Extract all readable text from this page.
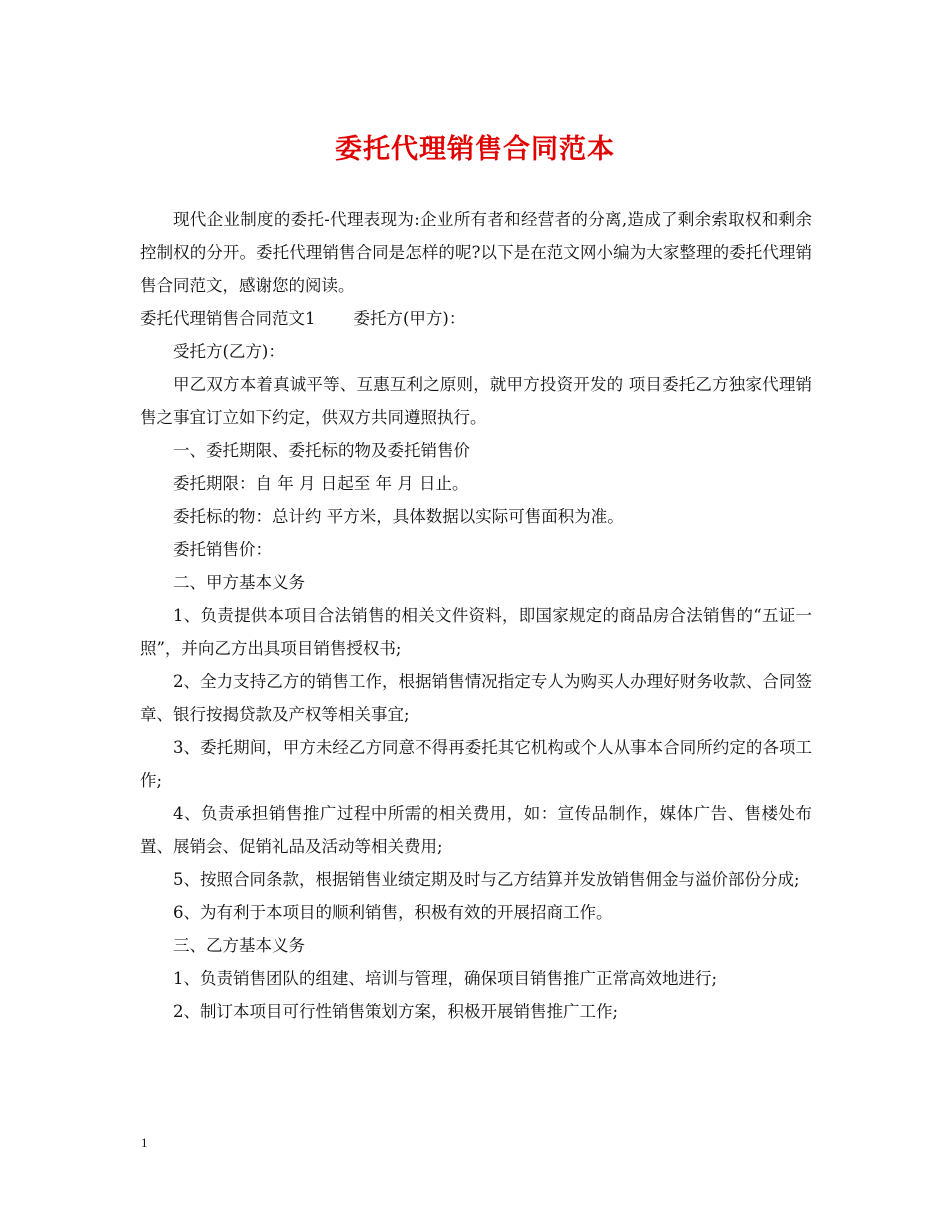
委托代理销售合同范本

现代企业制度的委托-代理表现为:企业所有者和经营者的分离,造成了剩余索取权和剩余控制权的分开。委托代理销售合同是怎样的呢?以下是在范文网小编为大家整理的委托代理销售合同范文，感谢您的阅读。

委托代理销售合同范文1 委托方(甲方)：

受托方(乙方)：

甲乙双方本着真诚平等、互惠互利之原则，就甲方投资开发的 项目委托乙方独家代理销售之事宜订立如下约定，供双方共同遵照执行。

一、委托期限、委托标的物及委托销售价

委托期限：自 年 月 日起至 年 月 日止。

委托标的物：总计约 平方米，具体数据以实际可售面积为准。

委托销售价：

二、甲方基本义务

1、负责提供本项目合法销售的相关文件资料，即国家规定的商品房合法销售的“五证一照”，并向乙方出具项目销售授权书;

2、全力支持乙方的销售工作，根据销售情况指定专人为购买人办理好财务收款、合同签章、银行按揭贷款及产权等相关事宜;

3、委托期间，甲方未经乙方同意不得再委托其它机构或个人从事本合同所约定的各项工作;

4、负责承担销售推广过程中所需的相关费用，如：宣传品制作，媒体广告、售楼处布置、展销会、促销礼品及活动等相关费用;

5、按照合同条款，根据销售业绩定期及时与乙方结算并发放销售佣金与溢价部份分成;

6、为有利于本项目的顺利销售，积极有效的开展招商工作。

三、乙方基本义务

1、负责销售团队的组建、培训与管理，确保项目销售推广正常高效地进行;

2、制订本项目可行性销售策划方案，积极开展销售推广工作;

1
